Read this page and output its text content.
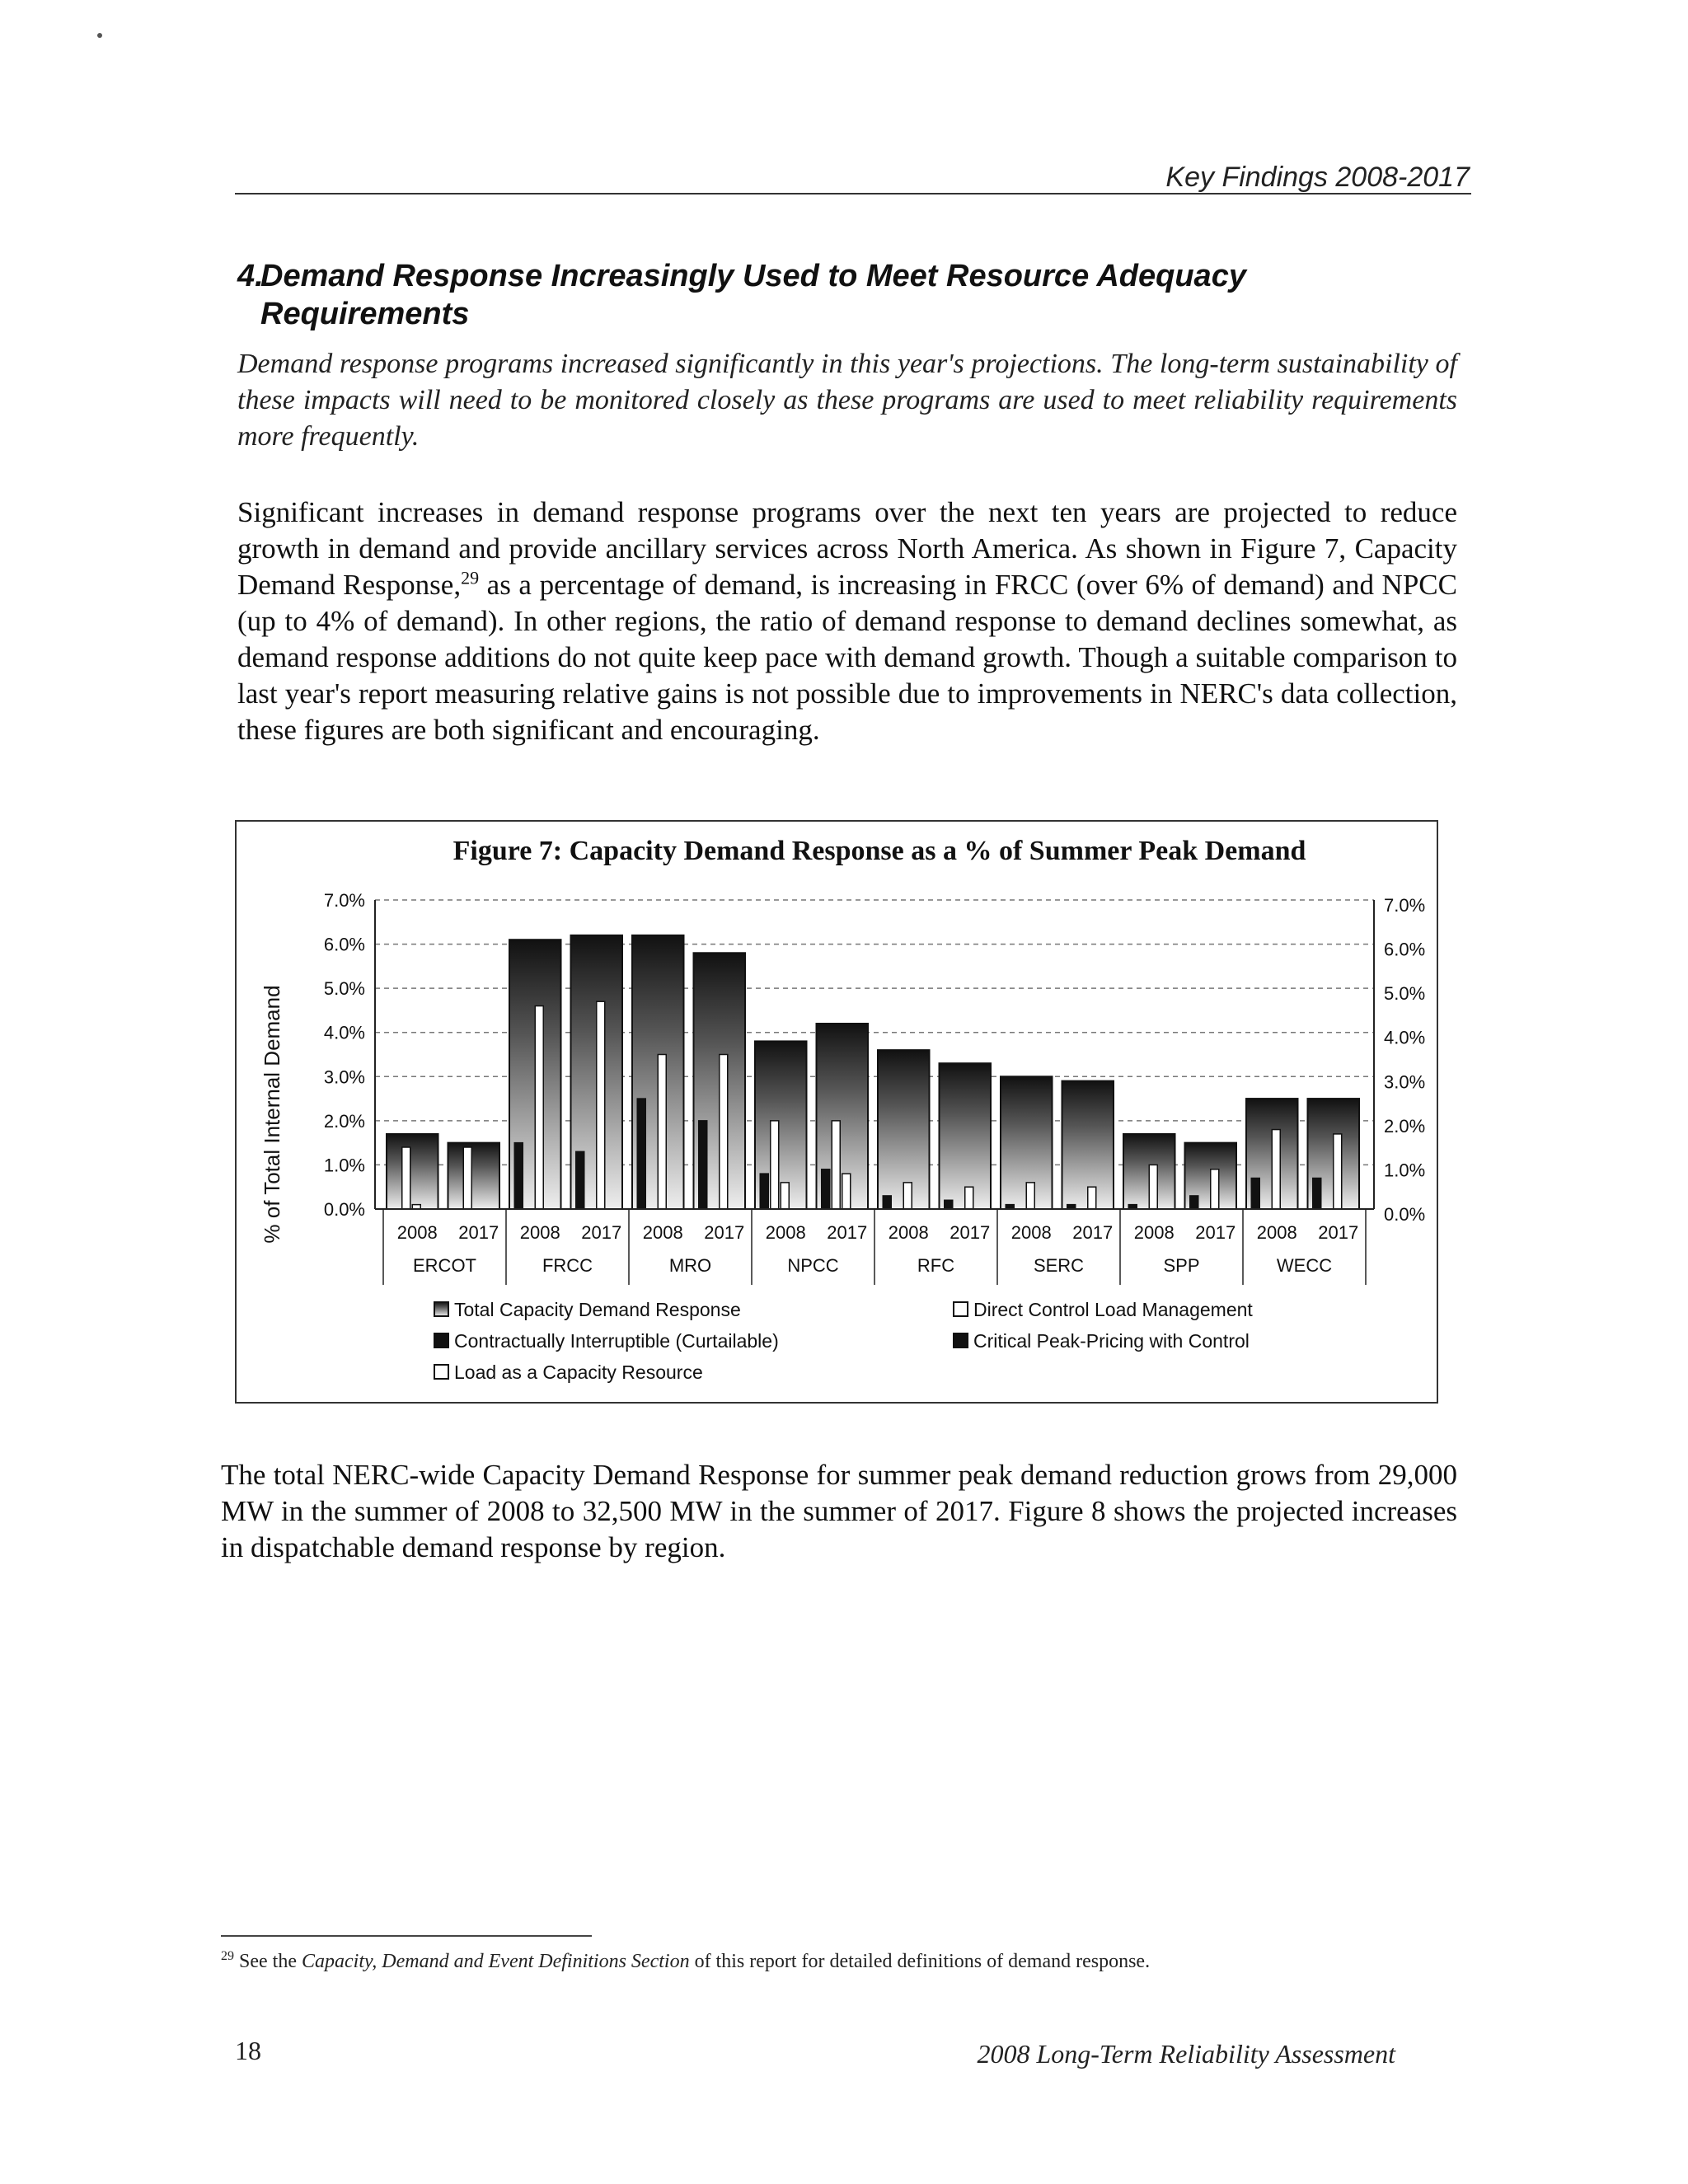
Key Findings 2008-2017
4.Demand Response Increasingly Used to Meet Resource Adequacy
Requirements
Demand response programs increased significantly in this year's projections. The long-term sustainability of these impacts will need to be monitored closely as these programs are used to meet reliability requirements more frequently.
Significant increases in demand response programs over the next ten years are projected to reduce growth in demand and provide ancillary services across North America. As shown in Figure 7, Capacity Demand Response,$^{29}$ as a percentage of demand, is increasing in FRCC (over 6% of demand) and NPCC (up to 4% of demand). In other regions, the ratio of demand response to demand declines somewhat, as demand response additions do not quite keep pace with demand growth. Though a suitable comparison to last year's report measuring relative gains is not possible due to improvements in NERC's data collection, these figures are both significant and encouraging.
Figure 7: Capacity Demand Response as a % of Summer Peak Demand
% of Total Internal Demand 0.0%	0.0%
1.0%	1.0%
2.0%	2.0%
3.0%	3.0%
4.0%	4.0%
5.0%	5.0%
6.0%	6.0%
7.0%	7.0%
2008 2017
ERCOT
2008 2017
FRCC
2008 2017
MRO
2008 2017
NPCC
2008 2017
RFC
2008 2017
SERC
2008 2017
SPP
2008 2017
WECC
Total Capacity Demand Response	Direct Control Load Management
Contractually Interruptible (Curtailable)	Critical Peak-Pricing with Control
Load as a Capacity Resource
The total NERC-wide Capacity Demand Response for summer peak demand reduction grows from 29,000 MW in the summer of 2008 to 32,500 MW in the summer of 2017. Figure 8 shows the projected increases in dispatchable demand response by region.
$^{29}$ See the Capacity, Demand and Event Definitions Section of this report for detailed definitions of demand response.
18	2008 Long-Term Reliability Assessment
